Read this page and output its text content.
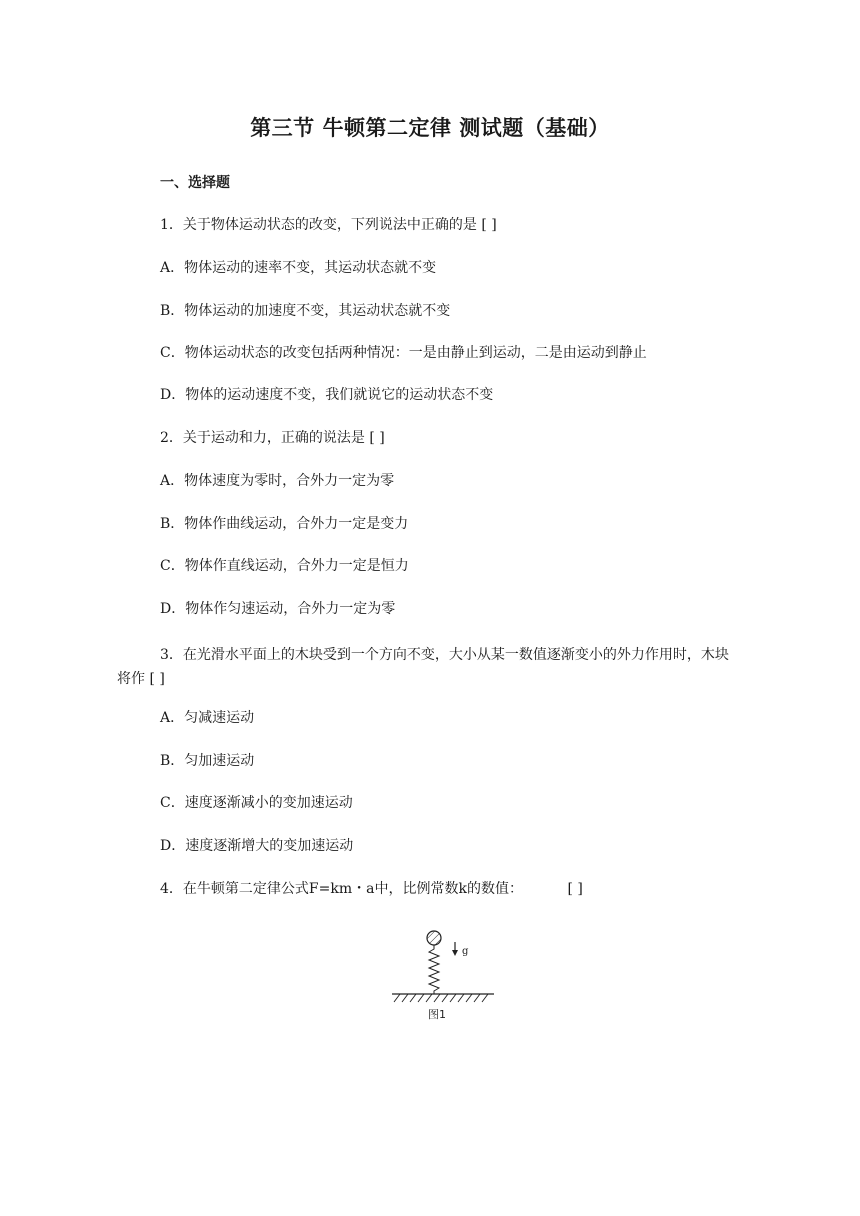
第三节 牛顿第二定律 测试题（基础）
一、选择题
1．关于物体运动状态的改变，下列说法中正确的是 [ ]
A．物体运动的速率不变，其运动状态就不变
B．物体运动的加速度不变，其运动状态就不变
C．物体运动状态的改变包括两种情况：一是由静止到运动，二是由运动到静止
D．物体的运动速度不变，我们就说它的运动状态不变
2．关于运动和力，正确的说法是 [ ]
A．物体速度为零时，合外力一定为零
B．物体作曲线运动，合外力一定是变力
C．物体作直线运动，合外力一定是恒力
D．物体作匀速运动，合外力一定为零
3．在光滑水平面上的木块受到一个方向不变，大小从某一数值逐渐变小的外力作用时，木块将作 [ ]
A．匀减速运动
B．匀加速运动
C．速度逐渐减小的变加速运动
D．速度逐渐增大的变加速运动
4．在牛顿第二定律公式F=km・a中，比例常数k的数值：          [ ]
g
图1
